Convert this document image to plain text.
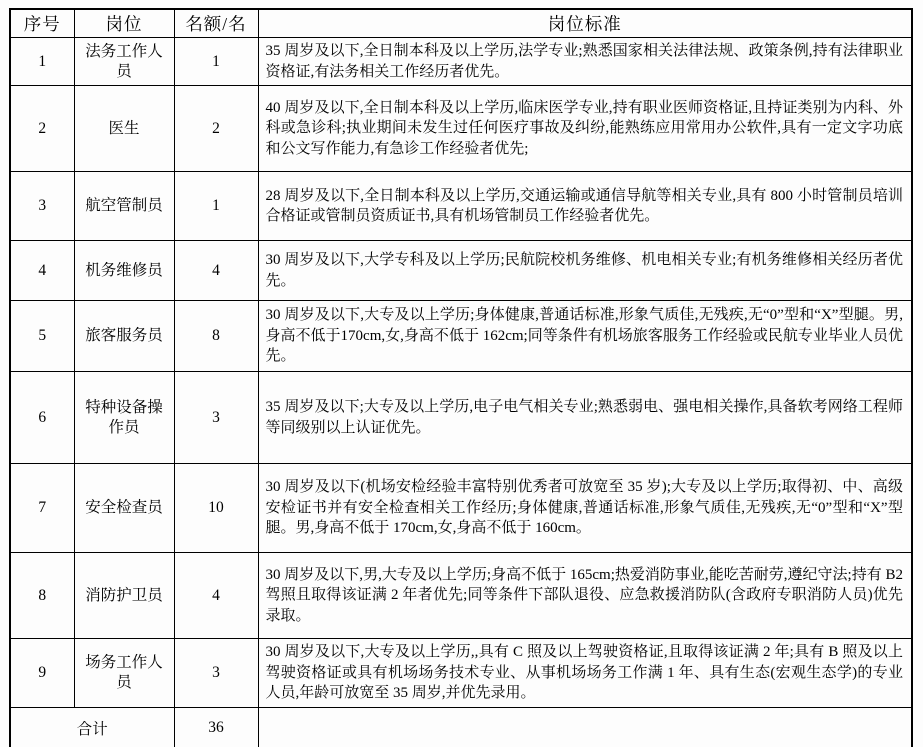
序号	岗位	名额/名	岗位标准
1	法务工作人员	1	35 周岁及以下,全日制本科及以上学历,法学专业;熟悉国家相关法律法规、政策条例,持有法律职业资格证,有法务相关工作经历者优先。
2	医生	2	40 周岁及以下,全日制本科及以上学历,临床医学专业,持有职业医师资格证,且持证类别为内科、外科或急诊科;执业期间未发生过任何医疗事故及纠纷,能熟练应用常用办公软件,具有一定文字功底和公文写作能力,有急诊工作经验者优先;
3	航空管制员	1	28 周岁及以下,全日制本科及以上学历,交通运输或通信导航等相关专业,具有 800 小时管制员培训合格证或管制员资质证书,具有机场管制员工作经验者优先。
4	机务维修员	4	30 周岁及以下,大学专科及以上学历;民航院校机务维修、机电相关专业;有机务维修相关经历者优先。
5	旅客服务员	8	30 周岁及以下,大专及以上学历;身体健康,普通话标准,形象气质佳,无残疾,无“0”型和“X”型腿。男,身高不低于170cm,女,身高不低于 162cm;同等条件有机场旅客服务工作经验或民航专业毕业人员优先。
6	特种设备操作员	3	35 周岁及以下;大专及以上学历,电子电气相关专业;熟悉弱电、强电相关操作,具备软考网络工程师等同级别以上认证优先。
7	安全检查员	10	30 周岁及以下(机场安检经验丰富特别优秀者可放宽至 35 岁);大专及以上学历;取得初、中、高级安检证书并有安全检查相关工作经历;身体健康,普通话标准,形象气质佳,无残疾,无“0”型和“X”型腿。男,身高不低于 170cm,女,身高不低于 160cm。
8	消防护卫员	4	30 周岁及以下,男,大专及以上学历;身高不低于 165cm;热爱消防事业,能吃苦耐劳,遵纪守法;持有 B2 驾照且取得该证满 2 年者优先;同等条件下部队退役、应急救援消防队(含政府专职消防人员)优先录取。
9	场务工作人员	3	30 周岁及以下,大专及以上学历,,具有 C 照及以上驾驶资格证,且取得该证满 2 年;具有 B 照及以上驾驶资格证或具有机场场务技术专业、从事机场场务工作满 1 年、具有生态(宏观生态学)的专业人员,年龄可放宽至 35 周岁,并优先录用。
合计		36	
